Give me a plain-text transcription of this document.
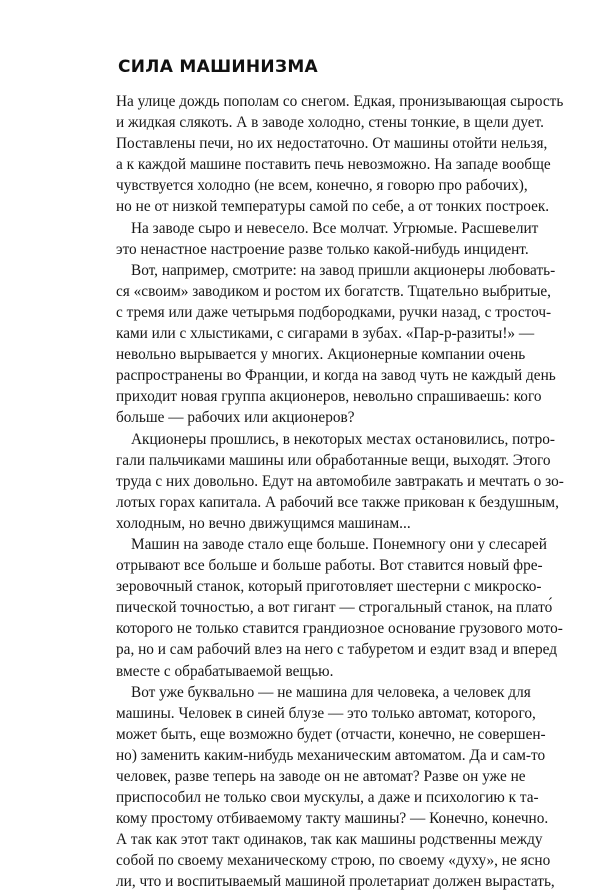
СИЛА МАШИНИЗМА
На улице дождь пополам со снегом. Едкая, пронизывающая сырость
и жидкая слякоть. А в заводе холодно, стены тонкие, в щели дует.
Поставлены печи, но их недостаточно. От машины отойти нельзя,
а к каждой машине поставить печь невозможно. На западе вообще
чувствуется холодно (не всем, конечно, я говорю про рабочих),
но не от низкой температуры самой по себе, а от тонких построек.
На заводе сыро и невесело. Все молчат. Угрюмые. Расшевелит
это ненастное настроение разве только какой-нибудь инцидент.
Вот, например, смотрите: на завод пришли акционеры любовать-
ся «своим» заводиком и ростом их богатств. Тщательно выбритые,
с тремя или даже четырьмя подбородками, ручки назад, с тросточ-
ками или с хлыстиками, с сигарами в зубах. «Пар-р-разиты!» —
невольно вырывается у многих. Акционерные компании очень
распространены во Франции, и когда на завод чуть не каждый день
приходит новая группа акционеров, невольно спрашиваешь: кого
больше — рабочих или акционеров?
Акционеры прошлись, в некоторых местах остановились, потро-
гали пальчиками машины или обработанные вещи, выходят. Этого
труда с них довольно. Едут на автомобиле завтракать и мечтать о зо-
лотых горах капитала. А рабочий все также прикован к бездушным,
холодным, но вечно движущимся машинам...
Машин на заводе стало еще больше. Понемногу они у слесарей
отрывают все больше и больше работы. Вот ставится новый фре-
зеровочный станок, который приготовляет шестерни с микроско-
пической точностью, а вот гигант — строгальный станок, на плато́
которого не только ставится грандиозное основание грузового мото-
ра, но и сам рабочий влез на него с табуретом и ездит взад и вперед
вместе с обрабатываемой вещью.
Вот уже буквально — не машина для человека, а человек для
машины. Человек в синей блузе — это только автомат, которого,
может быть, еще возможно будет (отчасти, конечно, не совершен-
но) заменить каким-нибудь механическим автоматом. Да и сам-то
человек, разве теперь на заводе он не автомат? Разве он уже не
приспособил не только свои мускулы, а даже и психологию к та-
кому простому отбиваемому такту машины? — Конечно, конечно.
А так как этот такт одинаков, так как машины родственны между
собой по своему механическому строю, по своему «духу», не ясно
ли, что и воспитываемый машиной пролетариат должен вырастать,
